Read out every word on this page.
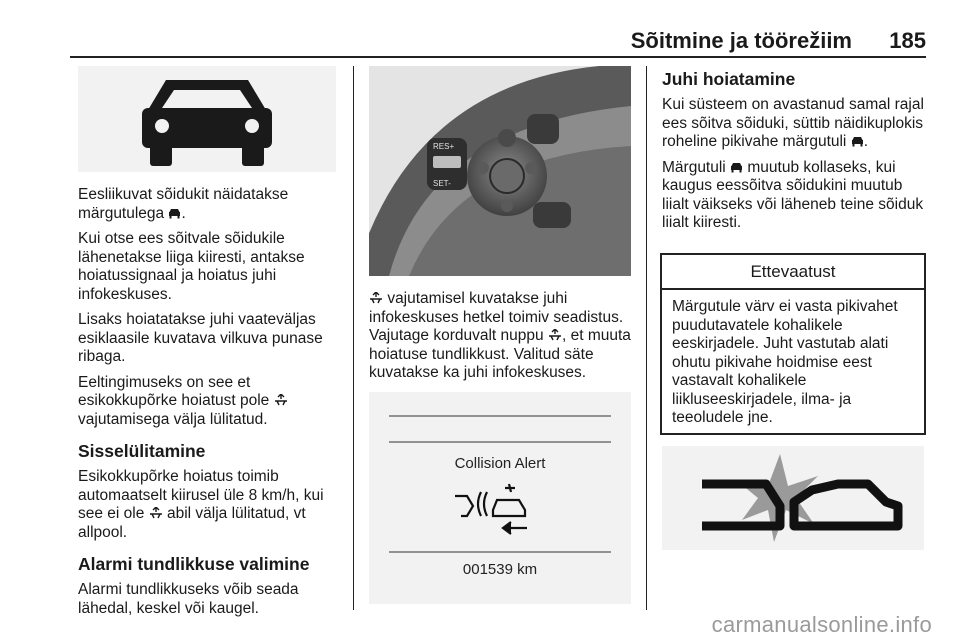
Sõitmine ja töörežiim 185

Eesliikuvat sõidukit näidatakse märgutulega .

Kui otse ees sõitvale sõidukile lähenetakse liiga kiiresti, antakse hoiatussignaal ja hoiatus juhi infokeskuses.

Lisaks hoiatatakse juhi vaateväljas esiklaasile kuvatava vilkuva punase ribaga.

Eeltingimuseks on see et esikokkupõrke hoiatust pole  vajutamisega välja lülitatud.

Sisselülitamine

Esikokkupõrke hoiatus toimib automaatselt kiirusel üle 8 km/h, kui see ei ole abil välja lülitatud, vt allpool.

Alarmi tundlikkuse valimine

Alarmi tundlikkuseks võib seada lähedal, keskel või kaugel.

RES+
SET-

vajutamisel kuvatakse juhi infokeskuses hetkel toimiv seadistus. Vajutage korduvalt nuppu , et muuta hoiatuse tundlikkust. Valitud säte kuvatakse ka juhi infokeskuses.

Collision Alert
001539 km
Juhi hoiatamine

Kui süsteem on avastanud samal rajal ees sõitva sõiduki, süttib näidikuplokis roheline pikivahe märgutuli .

Märgutuli muutub kollaseks, kui kaugus eessõitva sõidukini muutub liialt väikseks või läheneb teine sõiduk liialt kiiresti.

Ettevaatust
Märgutule värv ei vasta pikivahet puudutavatele kohalikele eeskirjadele. Juht vastutab alati ohutu pikivahe hoidmise eest vastavalt kohalikele liikluseeskirjadele, ilma- ja teeoludele jne.
carmanualsonline.info
